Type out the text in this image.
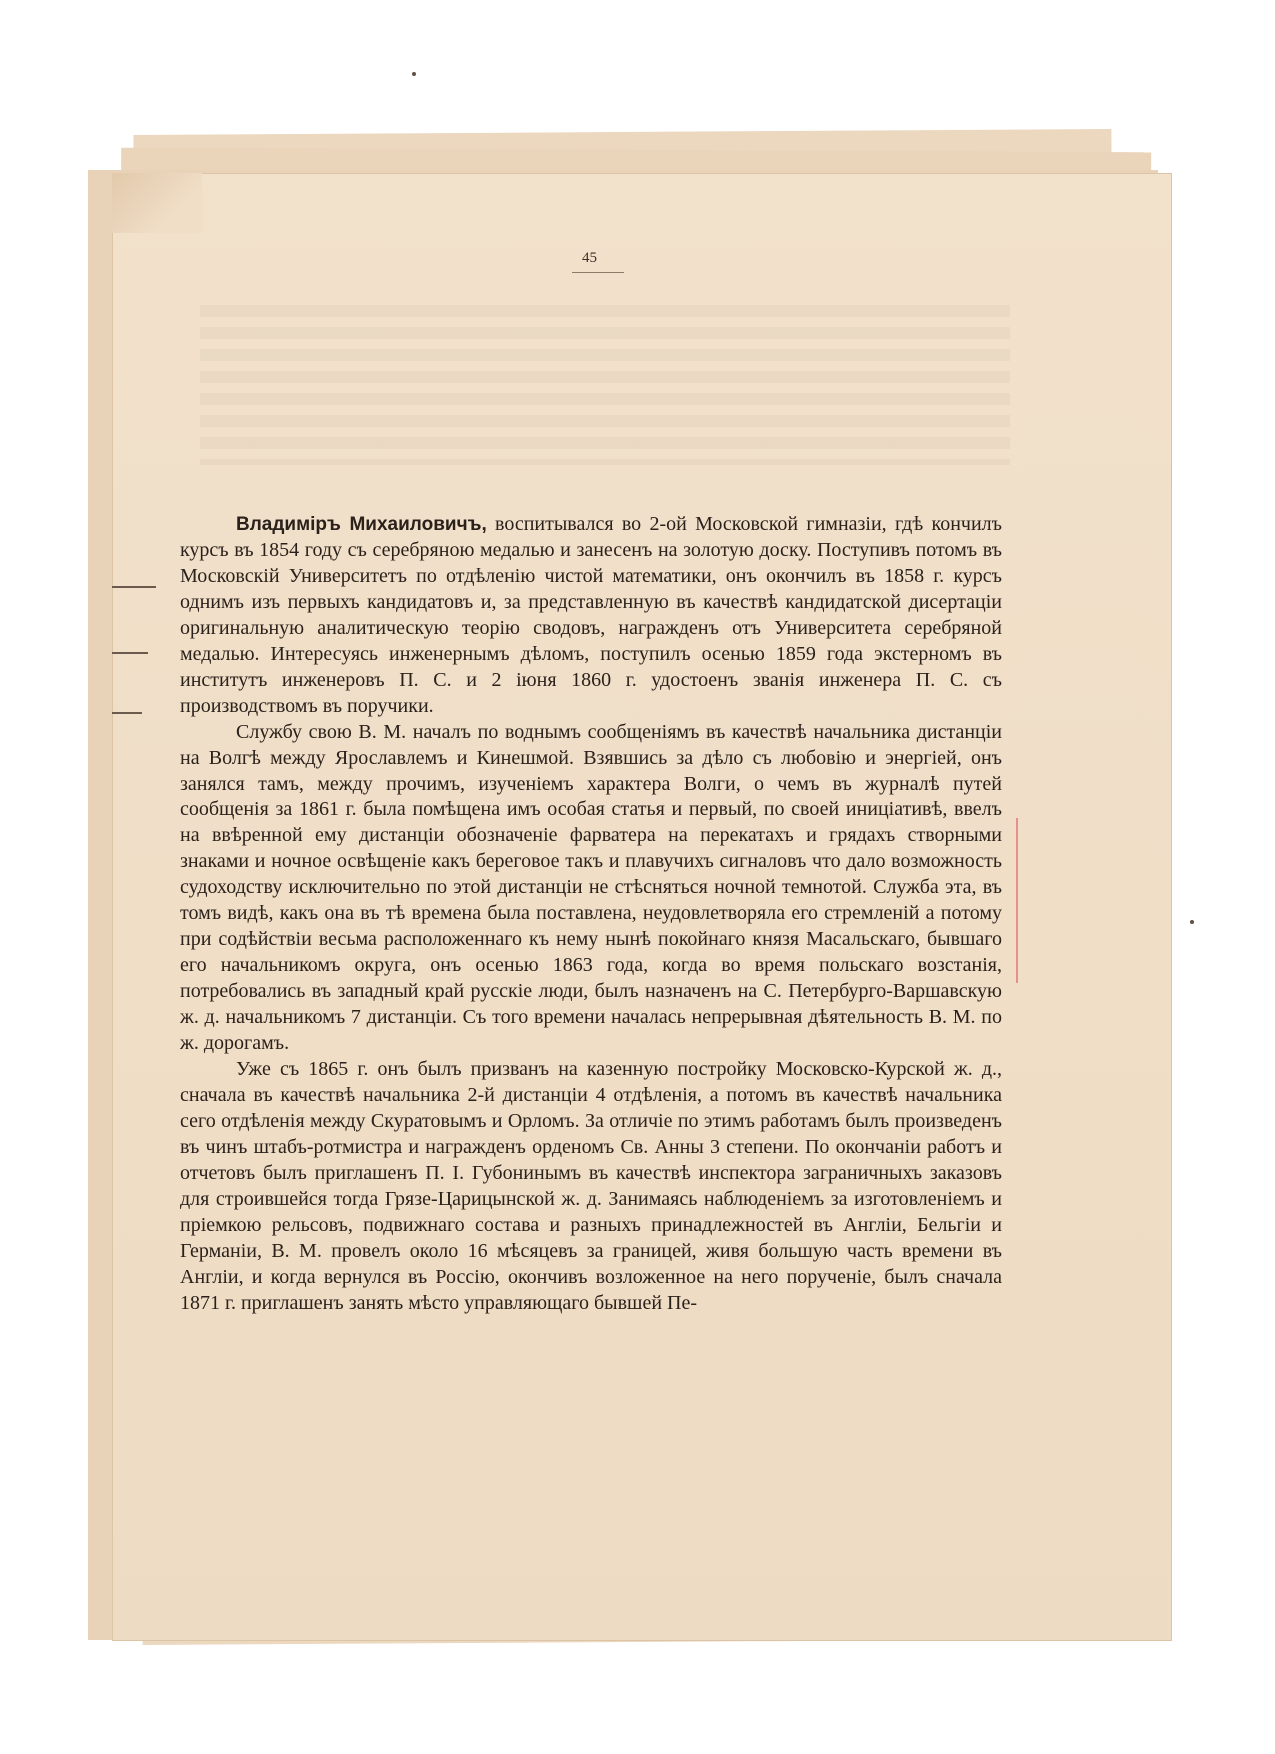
45

Владиміръ Михаиловичъ, воспитывался во 2-ой Московской гимназіи, гдѣ кончилъ курсъ въ 1854 году съ серебряною медалью и занесенъ на золотую доску. Поступивъ потомъ въ Московскій Университетъ по отдѣленію чистой математики, онъ окончилъ въ 1858 г. курсъ однимъ изъ первыхъ кандидатовъ и, за представленную въ качествѣ кандидатской дисертаціи оригинальную аналитическую теорію сводовъ, награжденъ отъ Университета серебряной медалью. Интересуясь инженернымъ дѣломъ, поступилъ осенью 1859 года экстерномъ въ институтъ инженеровъ П. С. и 2 іюня 1860 г. удостоенъ званія инженера П. С. съ производствомъ въ поручики.

Службу свою В. М. началъ по воднымъ сообщеніямъ въ качествѣ начальника дистанціи на Волгѣ между Ярославлемъ и Кинешмой. Взявшись за дѣло съ любовію и энергіей, онъ занялся тамъ, между прочимъ, изученіемъ характера Волги, о чемъ въ журналѣ путей сообщенія за 1861 г. была помѣщена имъ особая статья и первый, по своей иниціативѣ, ввелъ на ввѣренной ему дистанціи обозначеніе фарватера на перекатахъ и грядахъ створными знаками и ночное освѣщеніе какъ береговое такъ и плавучихъ сигналовъ что дало возможность судоходству исключительно по этой дистанціи не стѣсняться ночной темнотой. Служба эта, въ томъ видѣ, какъ она въ тѣ времена была поставлена, неудовлетворяла его стремленій а потому при содѣйствіи весьма расположеннаго къ нему нынѣ покойнаго князя Масальскаго, бывшаго его начальникомъ округа, онъ осенью 1863 года, когда во время польскаго возстанія, потребовались въ западный край русскіе люди, былъ назначенъ на С. Петербурго-Варшавскую ж. д. начальникомъ 7 дистанціи. Съ того времени началась непрерывная дѣятельность В. М. по ж. дорогамъ.

Уже съ 1865 г. онъ былъ призванъ на казенную постройку Московско-Курской ж. д., сначала въ качествѣ начальника 2-й дистанціи 4 отдѣленія, а потомъ въ качествѣ начальника сего отдѣленія между Скуратовымъ и Орломъ. За отличіе по этимъ работамъ былъ произведенъ въ чинъ штабъ-ротмистра и награжденъ орденомъ Св. Анны 3 степени. По окончаніи работъ и отчетовъ былъ приглашенъ П. І. Губонинымъ въ качествѣ инспектора заграничныхъ заказовъ для строившейся тогда Грязе-Царицынской ж. д. Занимаясь наблюденіемъ за изготовленіемъ и пріемкою рельсовъ, подвижнаго состава и разныхъ принадлежностей въ Англіи, Бельгіи и Германіи, В. М. провелъ около 16 мѣсяцевъ за границей, живя большую часть времени въ Англіи, и когда вернулся въ Россію, окончивъ возложенное на него порученіе, былъ сначала 1871 г. приглашенъ занять мѣсто управляющаго бывшей Пе-
